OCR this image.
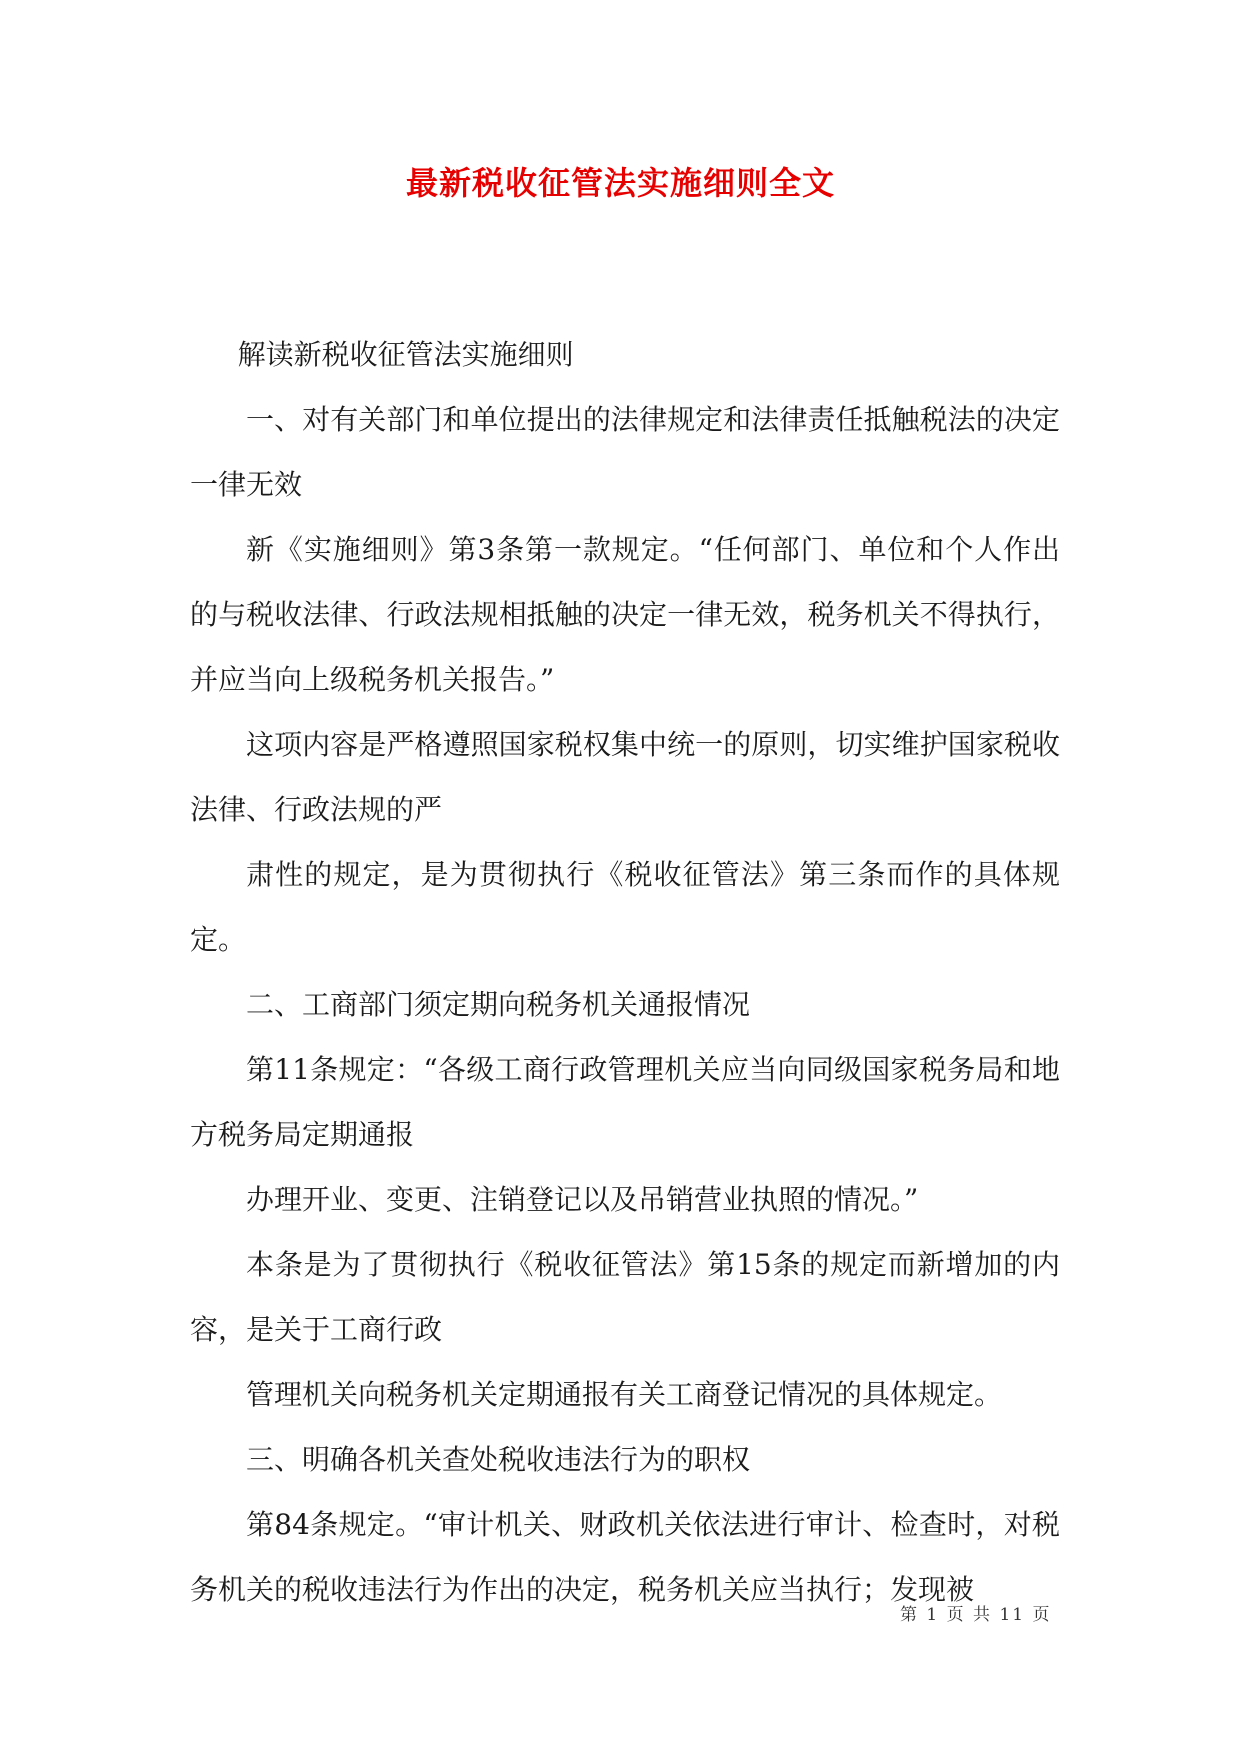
最新税收征管法实施细则全文

解读新税收征管法实施细则

一、对有关部门和单位提出的法律规定和法律责任抵触税法的决定一律无效

新《实施细则》第3条第一款规定。“任何部门、单位和个人作出的与税收法律、行政法规相抵触的决定一律无效，税务机关不得执行，并应当向上级税务机关报告。”

这项内容是严格遵照国家税权集中统一的原则，切实维护国家税收法律、行政法规的严

肃性的规定，是为贯彻执行《税收征管法》第三条而作的具体规定。

二、工商部门须定期向税务机关通报情况

第11条规定：“各级工商行政管理机关应当向同级国家税务局和地方税务局定期通报

办理开业、变更、注销登记以及吊销营业执照的情况。”

本条是为了贯彻执行《税收征管法》第15条的规定而新增加的内容，是关于工商行政

管理机关向税务机关定期通报有关工商登记情况的具体规定。

三、明确各机关查处税收违法行为的职权

第84条规定。“审计机关、财政机关依法进行审计、检查时，对税务机关的税收违法行为作出的决定，税务机关应当执行；发现被

第 1 页 共 11 页
